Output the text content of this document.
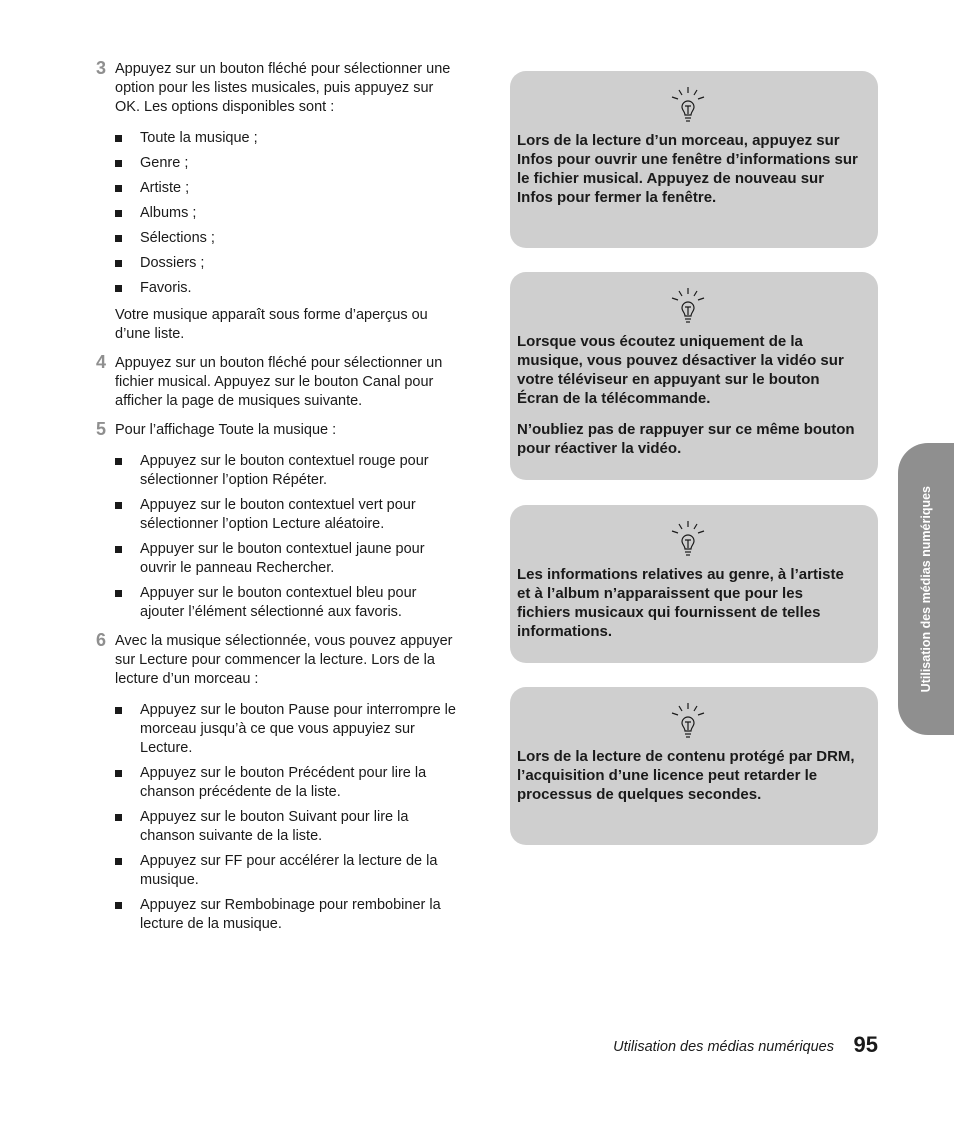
3 Appuyez sur un bouton fléché pour sélectionner une option pour les listes musicales, puis appuyez sur OK. Les options disponibles sont :
Toute la musique ;
Genre ;
Artiste ;
Albums ;
Sélections ;
Dossiers ;
Favoris.
Votre musique apparaît sous forme d’aperçus ou d’une liste.
4 Appuyez sur un bouton fléché pour sélectionner un fichier musical. Appuyez sur le bouton Canal pour afficher la page de musiques suivante.
5 Pour l’affichage Toute la musique :
Appuyez sur le bouton contextuel rouge pour sélectionner l’option Répéter.
Appuyez sur le bouton contextuel vert pour sélectionner l’option Lecture aléatoire.
Appuyer sur le bouton contextuel jaune pour ouvrir le panneau Rechercher.
Appuyer sur le bouton contextuel bleu pour ajouter l’élément sélectionné aux favoris.
6 Avec la musique sélectionnée, vous pouvez appuyer sur Lecture pour commencer la lecture. Lors de la lecture d’un morceau :
Appuyez sur le bouton Pause pour interrompre le morceau jusqu’à ce que vous appuyiez sur Lecture.
Appuyez sur le bouton Précédent pour lire la chanson précédente de la liste.
Appuyez sur le bouton Suivant pour lire la chanson suivante de la liste.
Appuyez sur FF pour accélérer la lecture de la musique.
Appuyez sur Rembobinage pour rembobiner la lecture de la musique.

Lors de la lecture d’un morceau, appuyez sur Infos pour ouvrir une fenêtre d’informations sur le fichier musical. Appuyez de nouveau sur Infos pour fermer la fenêtre.

Lorsque vous écoutez uniquement de la musique, vous pouvez désactiver la vidéo sur votre téléviseur en appuyant sur le bouton Écran de la télécommande.

N’oubliez pas de rappuyer sur ce même bouton pour réactiver la vidéo.

Les informations relatives au genre, à l’artiste et à l’album n’apparaissent que pour les fichiers musicaux qui fournissent de telles informations.

Lors de la lecture de contenu protégé par DRM, l’acquisition d’une licence peut retarder le processus de quelques secondes.

Utilisation des médias numériques
Utilisation des médias numériques 95
